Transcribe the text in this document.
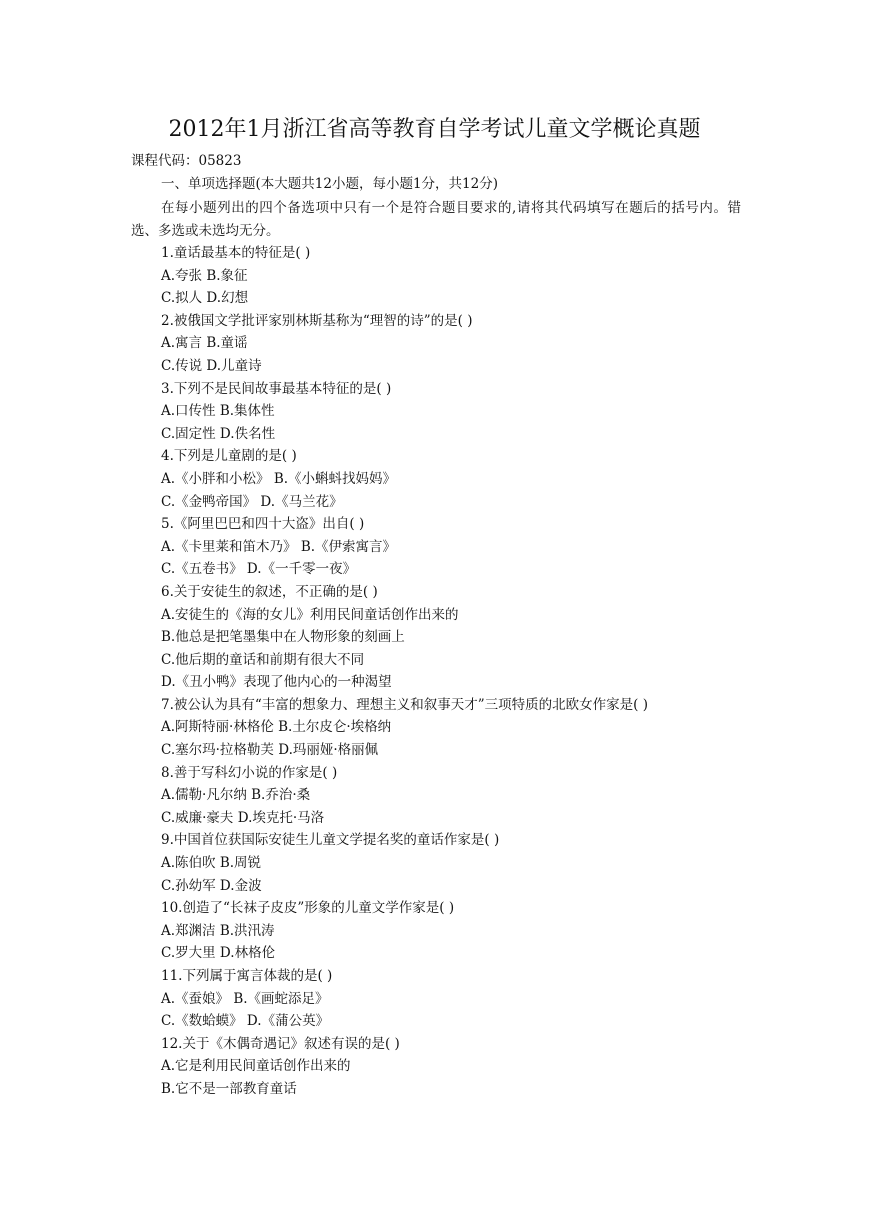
2012年1月浙江省高等教育自学考试儿童文学概论真题
课程代码：05823
一、单项选择题(本大题共12小题，每小题1分，共12分)
在每小题列出的四个备选项中只有一个是符合题目要求的,请将其代码填写在题后的括号内。错选、多选或未选均无分。
1.童话最基本的特征是( )
A.夸张 B.象征
C.拟人 D.幻想
2.被俄国文学批评家别林斯基称为“理智的诗”的是( )
A.寓言 B.童谣
C.传说 D.儿童诗
3.下列不是民间故事最基本特征的是( )
A.口传性 B.集体性
C.固定性 D.佚名性
4.下列是儿童剧的是( )
A.《小胖和小松》 B.《小蝌蚪找妈妈》
C.《金鸭帝国》 D.《马兰花》
5.《阿里巴巴和四十大盗》出自( )
A.《卡里莱和笛木乃》 B.《伊索寓言》
C.《五卷书》 D.《一千零一夜》
6.关于安徒生的叙述，不正确的是( )
A.安徒生的《海的女儿》利用民间童话创作出来的
B.他总是把笔墨集中在人物形象的刻画上
C.他后期的童话和前期有很大不同
D.《丑小鸭》表现了他内心的一种渴望
7.被公认为具有“丰富的想象力、理想主义和叙事天才”三项特质的北欧女作家是( )
A.阿斯特丽·林格伦 B.土尔皮仑·埃格纳
C.塞尔玛·拉格勒芙 D.玛丽娅·格丽佩
8.善于写科幻小说的作家是( )
A.儒勒·凡尔纳 B.乔治·桑
C.威廉·豪夫 D.埃克托·马洛
9.中国首位获国际安徒生儿童文学提名奖的童话作家是( )
A.陈伯吹 B.周锐
C.孙幼军 D.金波
10.创造了“长袜子皮皮”形象的儿童文学作家是( )
A.郑渊洁 B.洪汛涛
C.罗大里 D.林格伦
11.下列属于寓言体裁的是( )
A.《蚕娘》 B.《画蛇添足》
C.《数蛤蟆》 D.《蒲公英》
12.关于《木偶奇遇记》叙述有误的是( )
A.它是利用民间童话创作出来的
B.它不是一部教育童话
